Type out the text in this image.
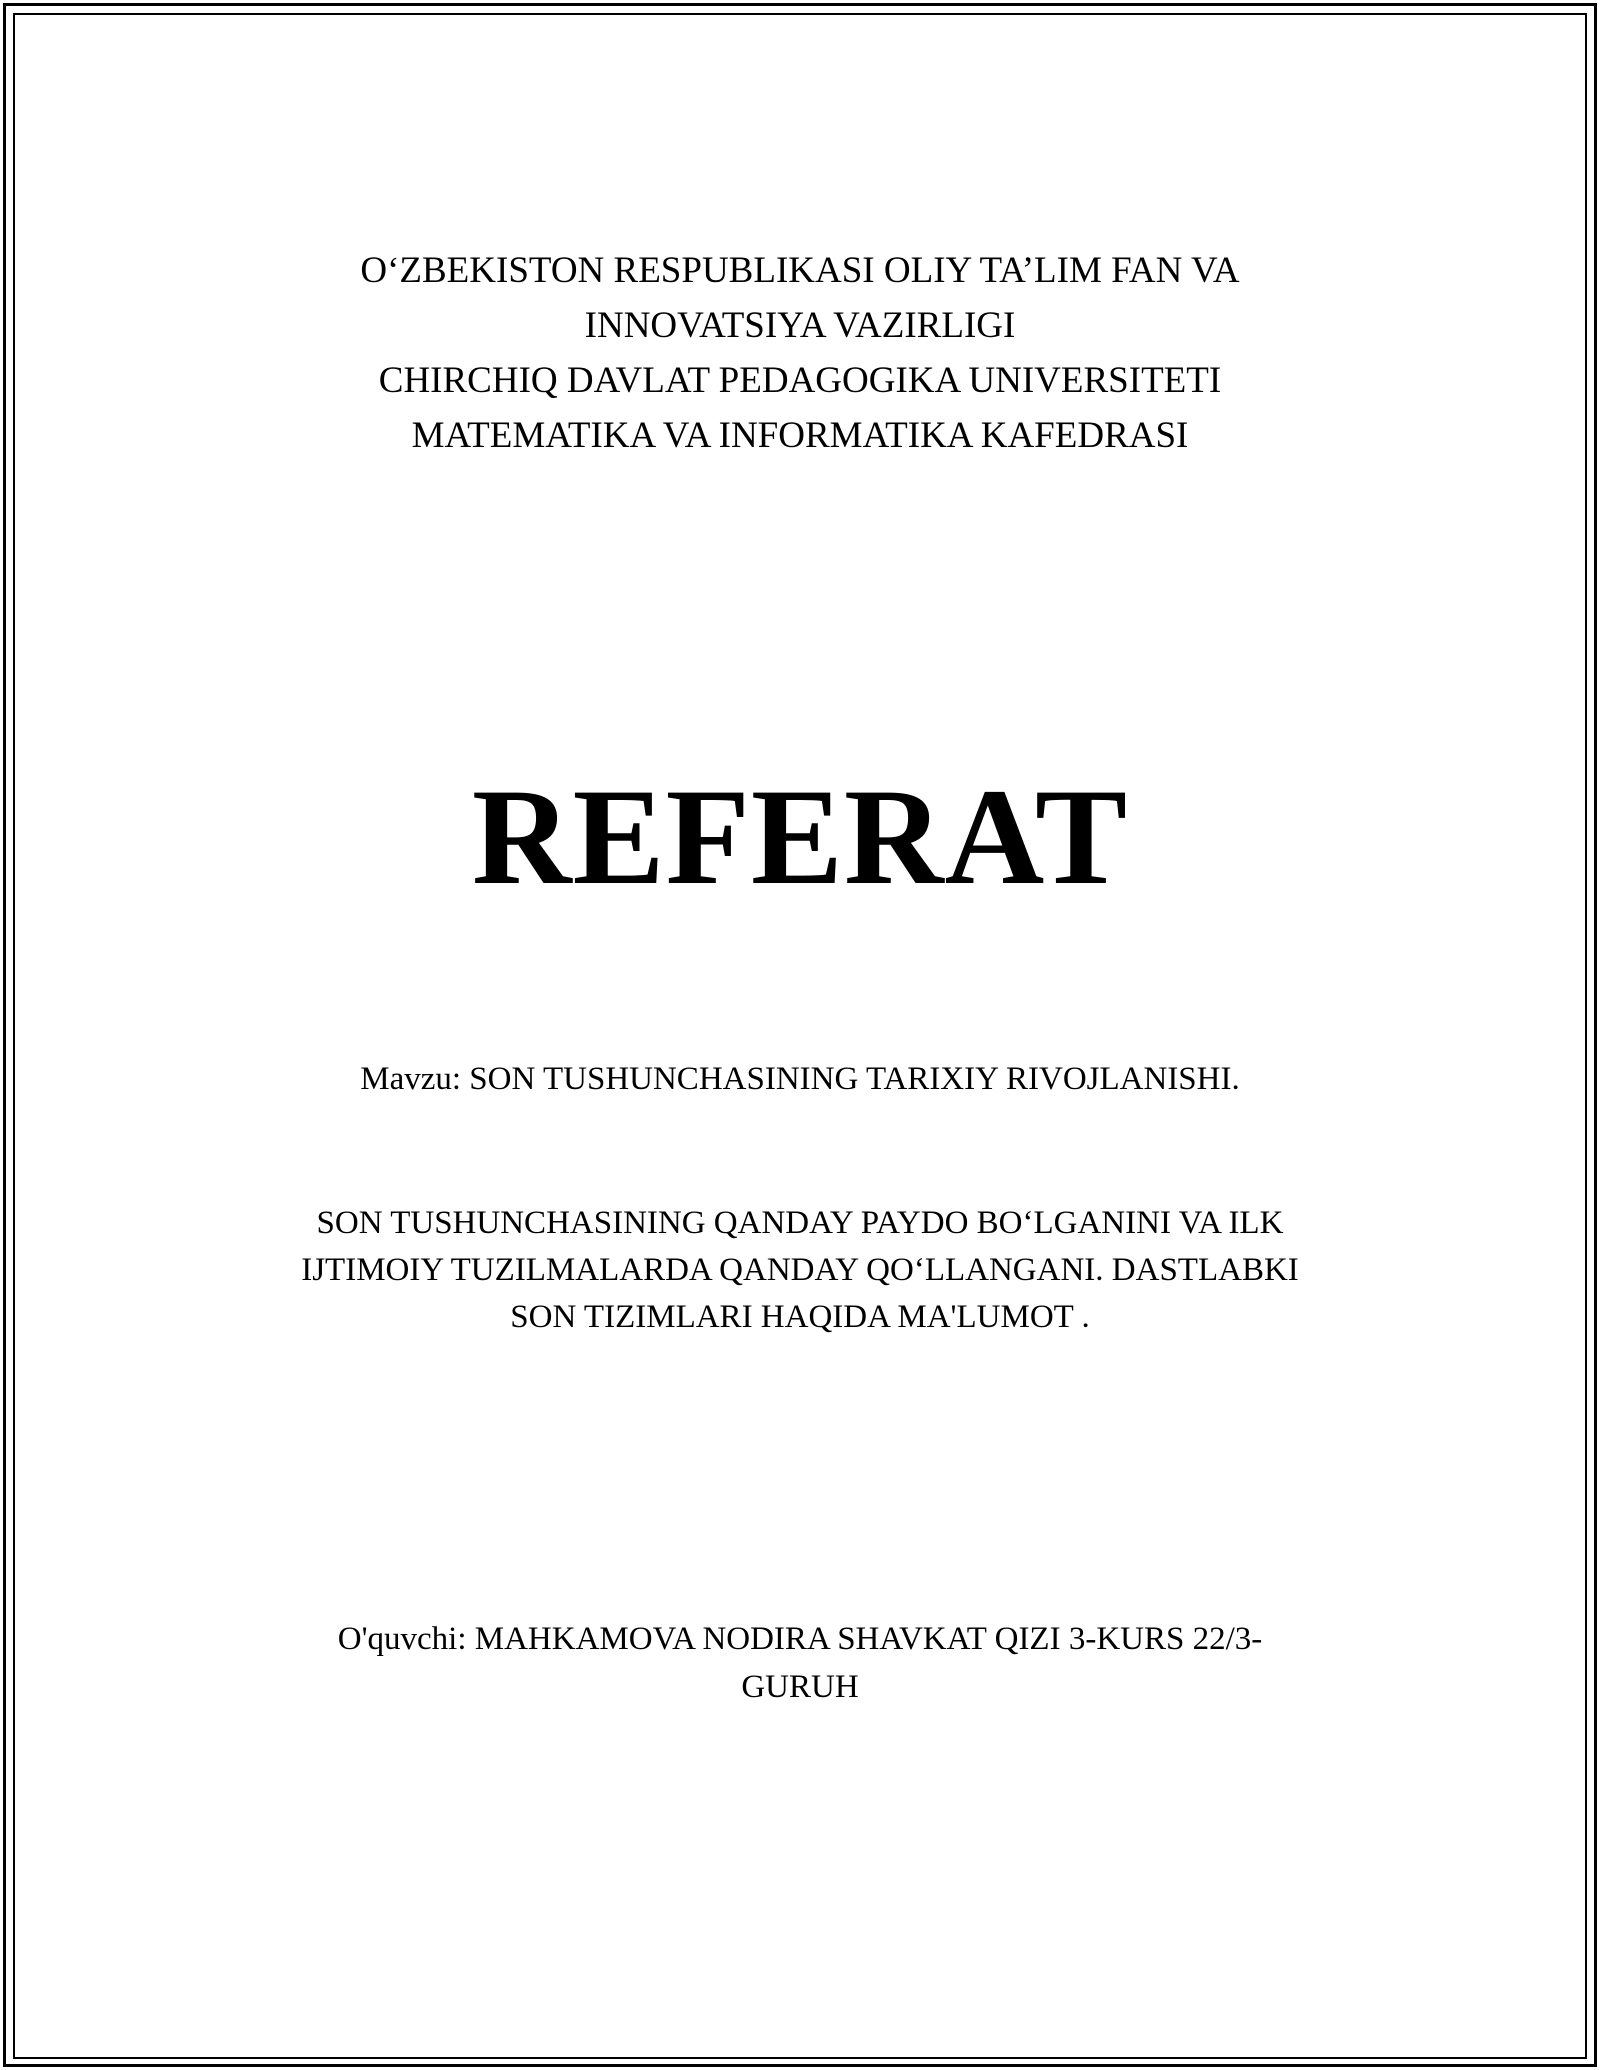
O‘ZBEKISTON RESPUBLIKASI OLIY TA’LIM FAN VA
INNOVATSIYA VAZIRLIGI
CHIRCHIQ DAVLAT PEDAGOGIKA UNIVERSITETI
MATEMATIKA VA INFORMATIKA KAFEDRASI
REFERAT
Mavzu: SON TUSHUNCHASINING TARIXIY RIVOJLANISHI.
SON TUSHUNCHASINING QANDAY PAYDO BO‘LGANINI VA ILK
IJTIMOIY TUZILMALARDA QANDAY QO‘LLANGANI. DASTLABKI
SON TIZIMLARI HAQIDA MA'LUMOT .
O'quvchi: MAHKAMOVA NODIRA SHAVKAT QIZI 3-KURS 22/3-
GURUH
